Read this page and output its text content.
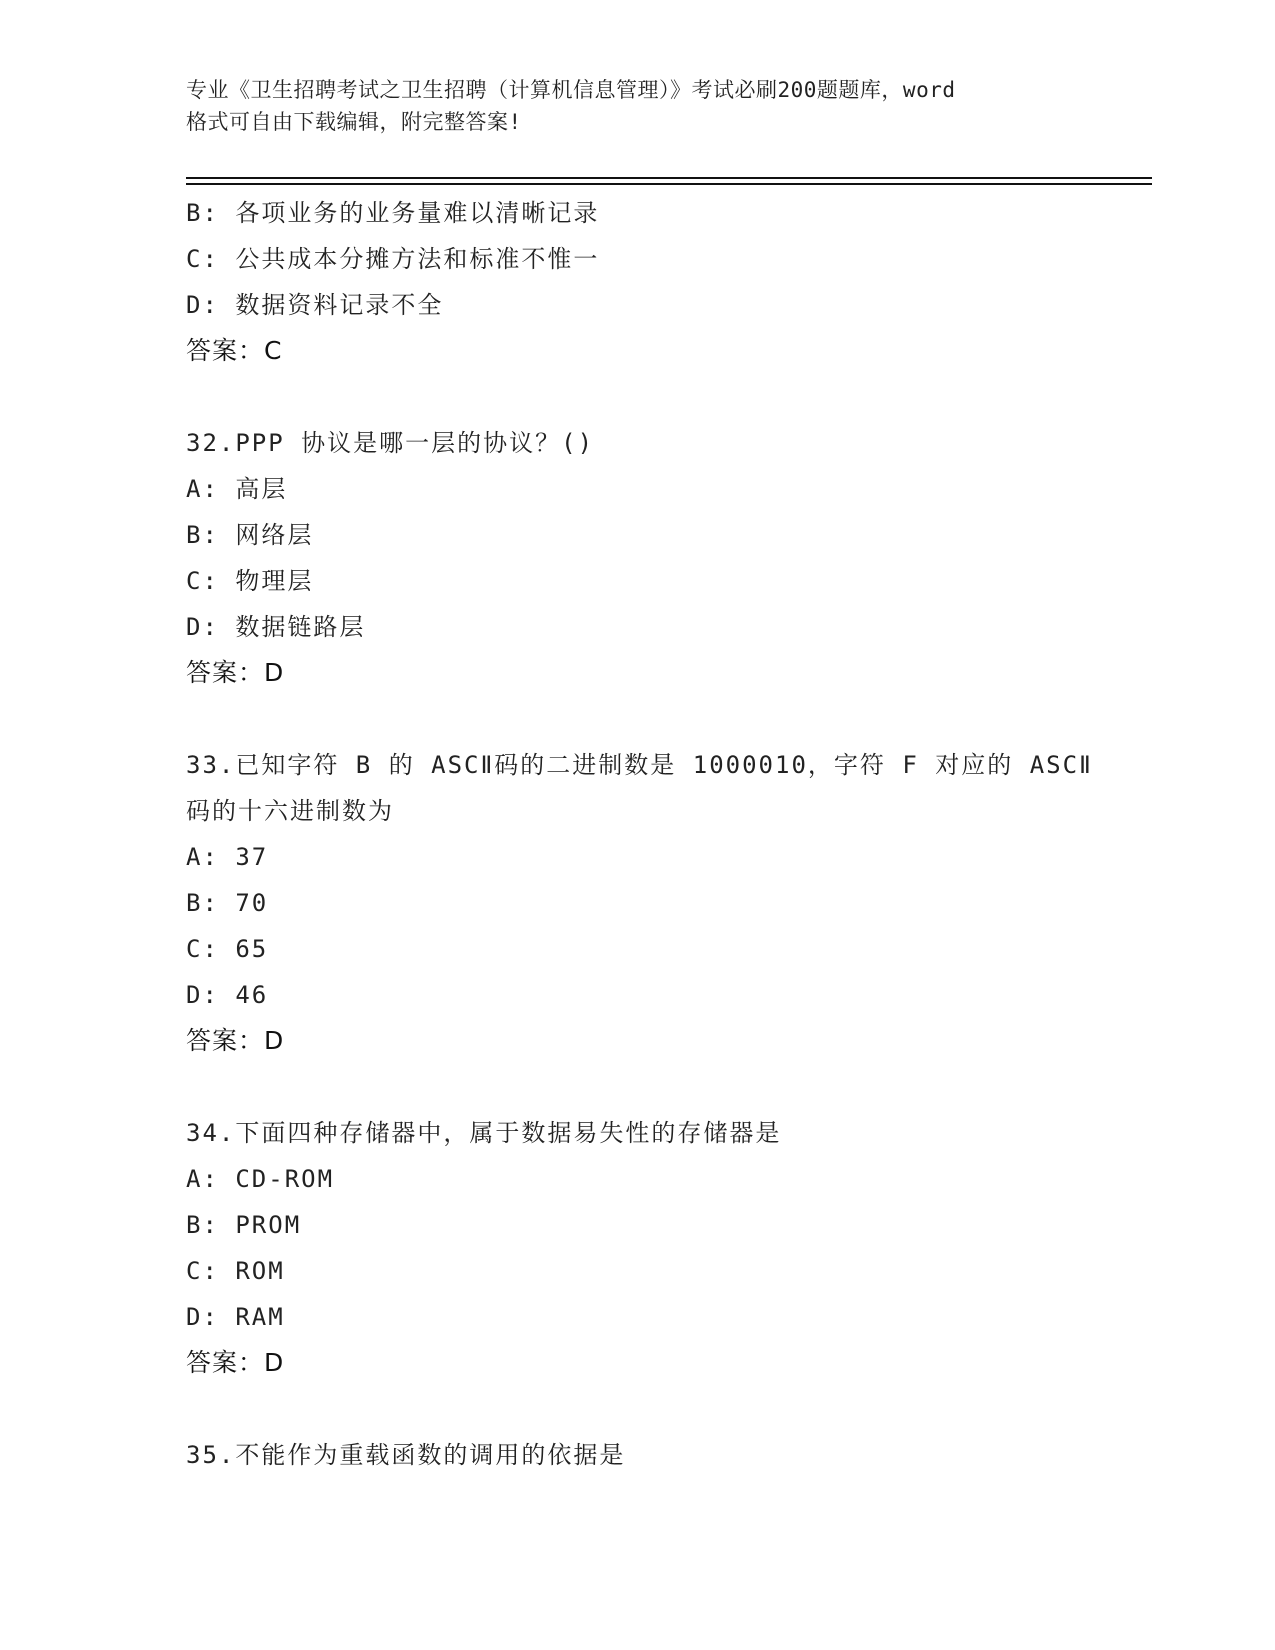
专业《卫生招聘考试之卫生招聘（计算机信息管理）》考试必刷200题题库，word
格式可自由下载编辑，附完整答案!
B: 各项业务的业务量难以清晰记录
C: 公共成本分摊方法和标准不惟一
D: 数据资料记录不全
答案：C
32.PPP 协议是哪一层的协议？()
A: 高层
B: 网络层
C: 物理层
D: 数据链路层
答案：D
33.已知字符 B 的 ASCⅡ码的二进制数是 1000010，字符 F 对应的 ASCⅡ
码的十六进制数为
A: 37
B: 70
C: 65
D: 46
答案：D
34.下面四种存储器中，属于数据易失性的存储器是
A: CD-ROM
B: PROM
C: ROM
D: RAM
答案：D
35.不能作为重载函数的调用的依据是
